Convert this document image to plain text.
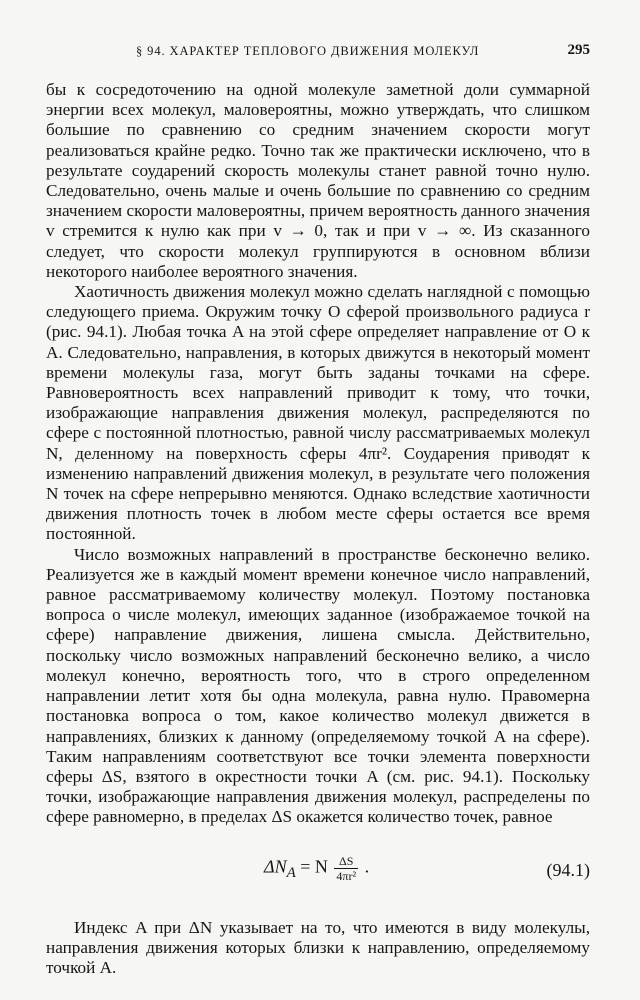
§ 94. ХАРАКТЕР ТЕПЛОВОГО ДВИЖЕНИЯ МОЛЕКУЛ	295

бы к сосредоточению на одной молекуле заметной доли суммарной энергии всех молекул, маловероятны, можно утверждать, что слишком большие по сравнению со средним значением скорости могут реализоваться крайне редко. Точно так же практически исключено, что в результате соударений скорость молекулы станет равной точно нулю. Следовательно, очень малые и очень большие по сравнению со средним значением скорости маловероятны, причем вероятность данного значения v стремится к нулю как при v → 0, так и при v → ∞. Из сказанного следует, что скорости молекул группируются в основном вблизи некоторого наиболее вероятного значения.

Хаотичность движения молекул можно сделать наглядной с помощью следующего приема. Окружим точку O сферой произвольного радиуса r (рис. 94.1). Любая точка A на этой сфере определяет направление от O к A. Следовательно, направления, в которых движутся в некоторый момент времени молекулы газа, могут быть заданы точками на сфере. Равновероятность всех направлений приводит к тому, что точки, изображающие направления движения молекул, распределяются по сфере с постоянной плотностью, равной числу рассматриваемых молекул N, деленному на поверхность сферы 4πr². Соударения приводят к изменению направлений движения молекул, в результате чего положения N точек на сфере непрерывно меняются. Однако вследствие хаотичности движения плотность точек в любом месте сферы остается все время постоянной.

Число возможных направлений в пространстве бесконечно велико. Реализуется же в каждый момент времени конечное число направлений, равное рассматриваемому количеству молекул. Поэтому постановка вопроса о числе молекул, имеющих заданное (изображаемое точкой на сфере) направление движения, лишена смысла. Действительно, поскольку число возможных направлений бесконечно велико, а число молекул конечно, вероятность того, что в строго определенном направлении летит хотя бы одна молекула, равна нулю. Правомерна постановка вопроса о том, какое количество молекул движется в направлениях, близких к данному (определяемому точкой A на сфере). Таким направлениям соответствуют все точки элемента поверхности сферы ΔS, взятого в окрестности точки A (см. рис. 94.1). Поскольку точки, изображающие направления движения молекул, распределены по сфере равномерно, в пределах ΔS окажется количество точек, равное

$\Delta N_A = N \frac{\Delta S}{\text{4πr²}}$ .	(94.1)

Индекс A при ΔN указывает на то, что имеются в виду молекулы, направления движения которых близки к направлению, определяемому точкой A.
